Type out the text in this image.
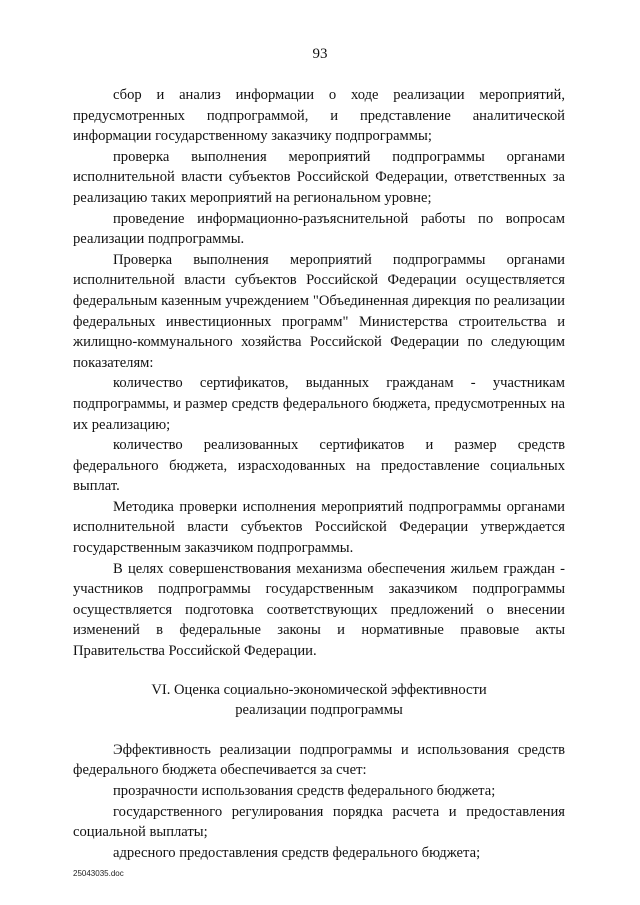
93

сбор и анализ информации о ходе реализации мероприятий, предусмотренных подпрограммой, и представление аналитической информации государственному заказчику подпрограммы;

проверка выполнения мероприятий подпрограммы органами исполнительной власти субъектов Российской Федерации, ответственных за реализацию таких мероприятий на региональном уровне;

проведение информационно-разъяснительной работы по вопросам реализации подпрограммы.

Проверка выполнения мероприятий подпрограммы органами исполнительной власти субъектов Российской Федерации осуществляется федеральным казенным учреждением "Объединенная дирекция по реализации федеральных инвестиционных программ" Министерства строительства и жилищно-коммунального хозяйства Российской Федерации по следующим показателям:

количество сертификатов, выданных гражданам - участникам подпрограммы, и размер средств федерального бюджета, предусмотренных на их реализацию;

количество реализованных сертификатов и размер средств федерального бюджета, израсходованных на предоставление социальных выплат.

Методика проверки исполнения мероприятий подпрограммы органами исполнительной власти субъектов Российской Федерации утверждается государственным заказчиком подпрограммы.

В целях совершенствования механизма обеспечения жильем граждан - участников подпрограммы государственным заказчиком подпрограммы осуществляется подготовка соответствующих предложений о внесении изменений в федеральные законы и нормативные правовые акты Правительства Российской Федерации.

VI. Оценка социально-экономической эффективности
реализации подпрограммы

Эффективность реализации подпрограммы и использования средств федерального бюджета обеспечивается за счет:

прозрачности использования средств федерального бюджета;

государственного регулирования порядка расчета и предоставления социальной выплаты;

адресного предоставления средств федерального бюджета;

25043035.doc
